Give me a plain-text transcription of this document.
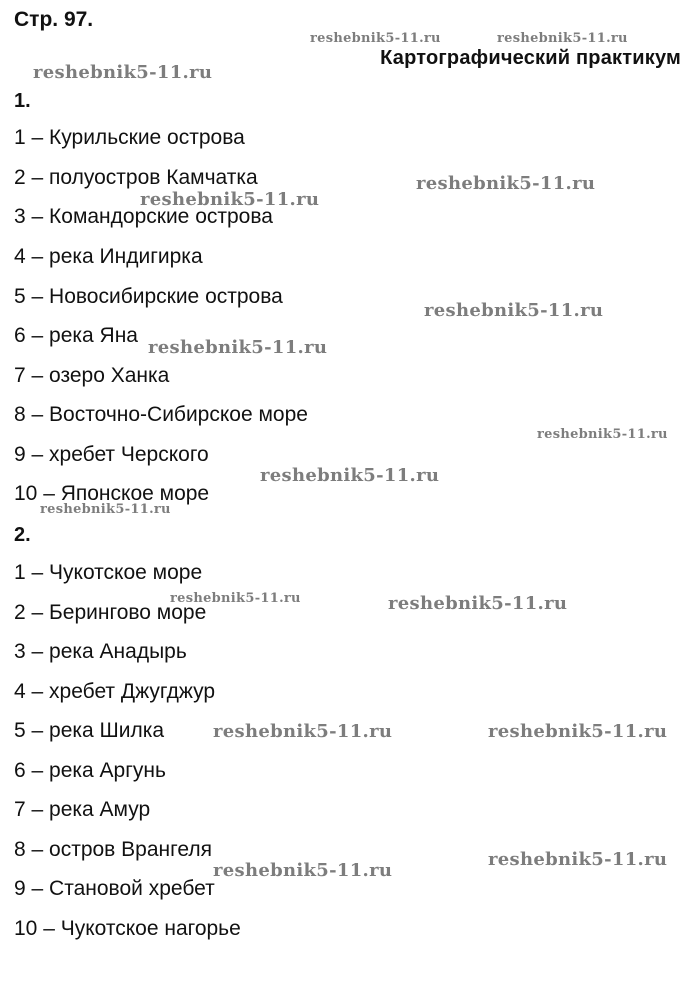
Стр. 97.
Картографический практикум
1.
1 – Курильские острова
2 – полуостров Камчатка
3 – Командорские острова
4 – река Индигирка
5 – Новосибирские острова
6 – река Яна
7 – озеро Ханка
8 – Восточно-Сибирское море
9 – хребет Черского
10 – Японское море
2.
1 – Чукотское море
2 – Берингово море
3 – река Анадырь
4 – хребет Джугджур
5 – река Шилка
6 – река Аргунь
7 – река Амур
8 – остров Врангеля
9 – Становой хребет
10 – Чукотское нагорье
reshebnik5-11.ru	reshebnik5-11.ru
reshebnik5-11.ru
reshebnik5-11.ru
reshebnik5-11.ru
reshebnik5-11.ru
reshebnik5-11.ru
reshebnik5-11.ru
reshebnik5-11.ru
reshebnik5-11.ru
reshebnik5-11.ru	reshebnik5-11.ru
reshebnik5-11.ru	reshebnik5-11.ru
reshebnik5-11.ru
reshebnik5-11.ru
